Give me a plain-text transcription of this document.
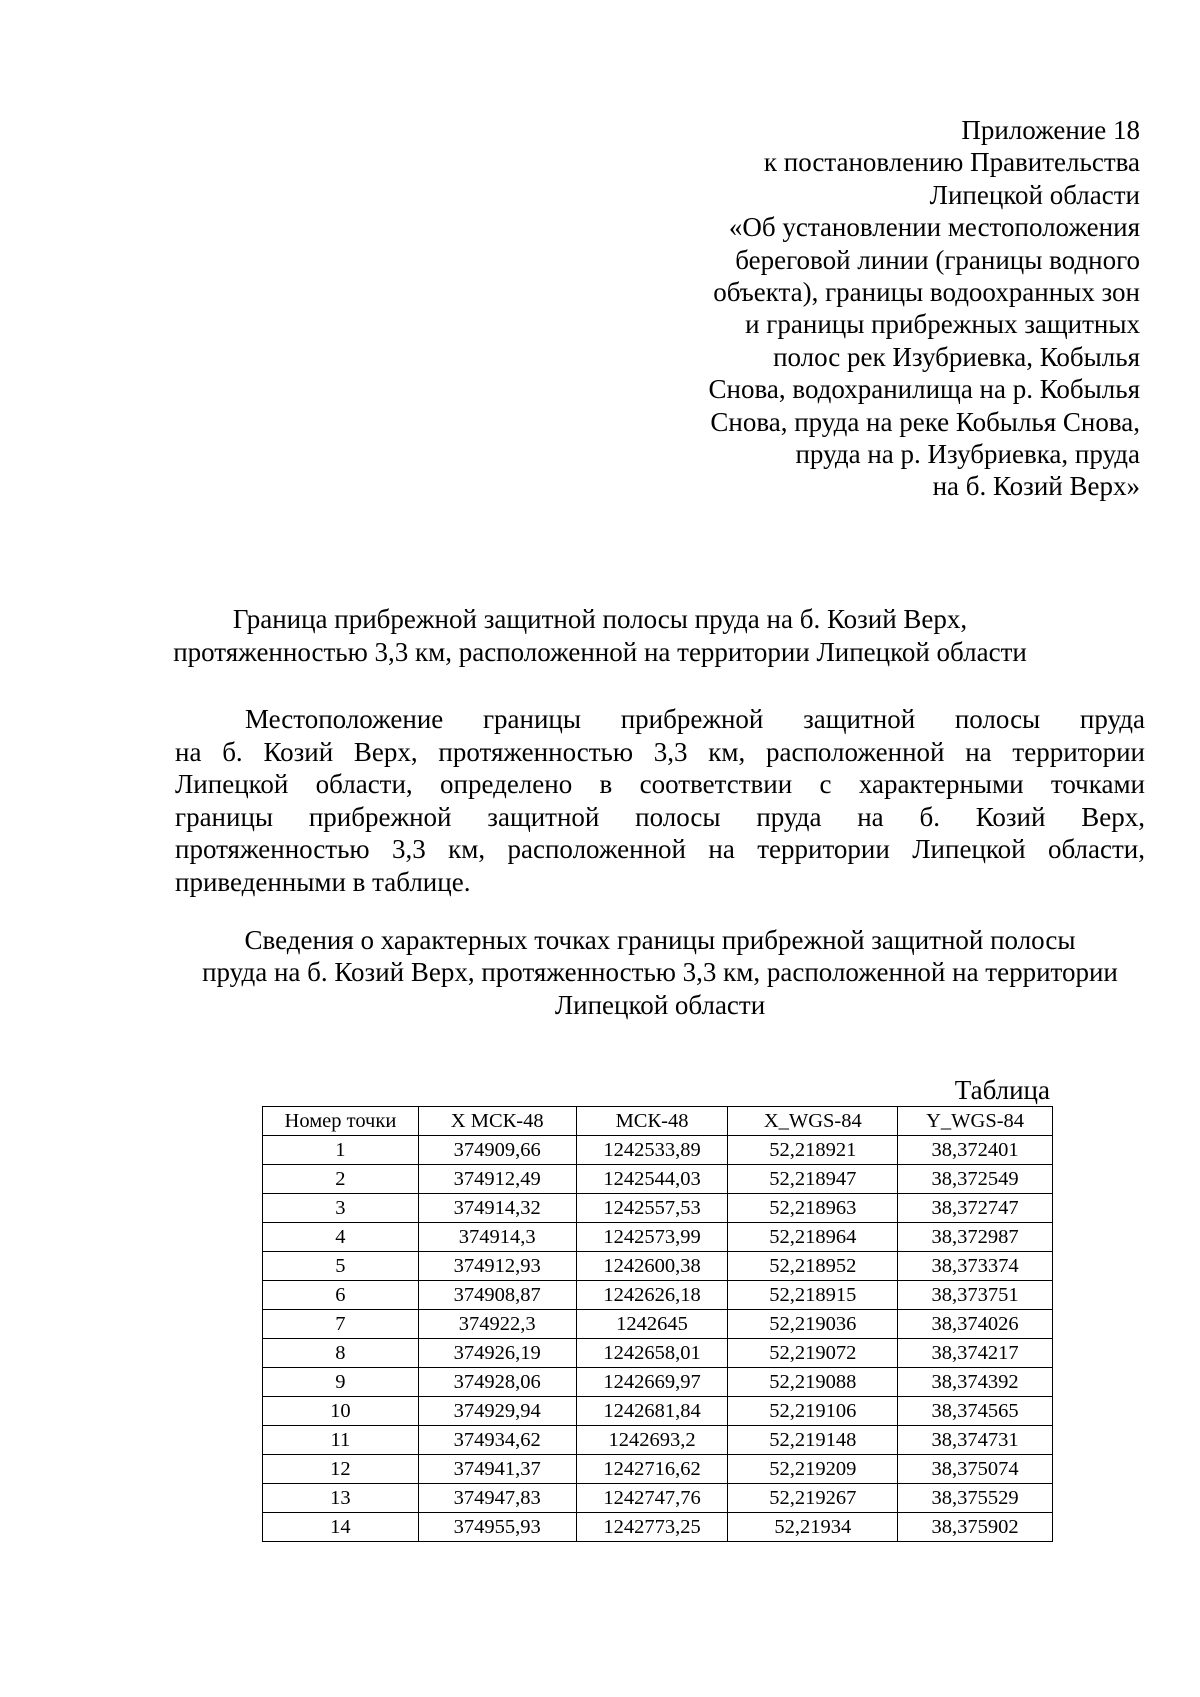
Приложение 18
к постановлению Правительства
Липецкой области
«Об установлении местоположения
береговой линии (границы водного
объекта), границы водоохранных зон
и границы прибрежных защитных
полос рек Изубриевка, Кобылья
Снова, водохранилища на р. Кобылья
Снова, пруда на реке Кобылья Снова,
пруда на р. Изубриевка, пруда
на б. Козий Верх»
Граница прибрежной защитной полосы пруда на б. Козий Верх,
протяженностью 3,3 км, расположенной на территории Липецкой области
Местоположение границы прибрежной защитной полосы пруда
на б. Козий Верх, протяженностью 3,3 км, расположенной на территории
Липецкой области, определено в соответствии с характерными точками
границы прибрежной защитной полосы пруда на б. Козий Верх,
протяженностью 3,3 км, расположенной на территории Липецкой области,
приведенными в таблице.
Сведения о характерных точках границы прибрежной защитной полосы
пруда на б. Козий Верх, протяженностью 3,3 км, расположенной на территории
Липецкой области
Таблица
Номер точки	X МСК-48	МСК-48	X_WGS-84	Y_WGS-84
1	374909,66	1242533,89	52,218921	38,372401
2	374912,49	1242544,03	52,218947	38,372549
3	374914,32	1242557,53	52,218963	38,372747
4	374914,3	1242573,99	52,218964	38,372987
5	374912,93	1242600,38	52,218952	38,373374
6	374908,87	1242626,18	52,218915	38,373751
7	374922,3	1242645	52,219036	38,374026
8	374926,19	1242658,01	52,219072	38,374217
9	374928,06	1242669,97	52,219088	38,374392
10	374929,94	1242681,84	52,219106	38,374565
11	374934,62	1242693,2	52,219148	38,374731
12	374941,37	1242716,62	52,219209	38,375074
13	374947,83	1242747,76	52,219267	38,375529
14	374955,93	1242773,25	52,21934	38,375902
